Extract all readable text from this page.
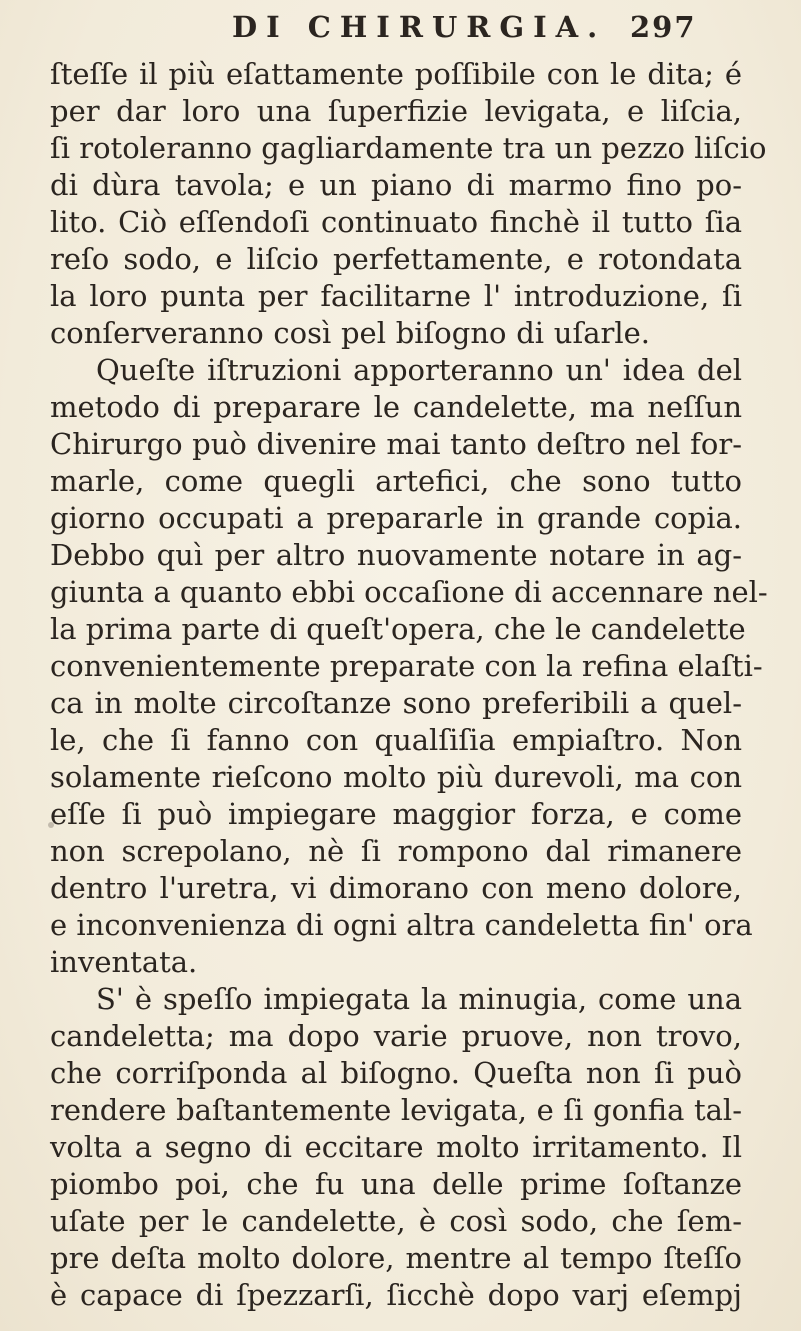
DI CHIRURGIA. 297
ſteſſe il più eſattamente poſſibile con le dita; é
per dar loro una ſuperfizie levigata, e liſcia,
ſi rotoleranno gagliardamente tra un pezzo liſcio
di dùra tavola; e un piano di marmo fino po-
lito. Ciò eſſendoſi continuato finchè il tutto ſia
reſo sodo, e liſcio perfettamente, e rotondata
la loro punta per facilitarne l' introduzione, ſi
conſerveranno così pel biſogno di uſarle.
Queſte iſtruzioni apporteranno un' idea del
metodo di preparare le candelette, ma neſſun
Chirurgo può divenire mai tanto deſtro nel for-
marle, come quegli artefici, che sono tutto
giorno occupati a prepararle in grande copia.
Debbo quì per altro nuovamente notare in ag-
giunta a quanto ebbi occaſione di accennare nel-
la prima parte di queſt'opera, che le candelette
convenientemente preparate con la refina elaſti-
ca in molte circoſtanze sono preferibili a quel-
le, che ſi fanno con qualſiſia empiaſtro. Non
solamente rieſcono molto più durevoli, ma con
eſſe ſi può impiegare maggior forza, e come
non screpolano, nè ſi rompono dal rimanere
dentro l'uretra, vi dimorano con meno dolore,
e inconvenienza di ogni altra candeletta fin' ora
inventata.
S' è speſſo impiegata la minugia, come una
candeletta; ma dopo varie pruove, non trovo,
che corriſponda al biſogno. Queſta non ſi può
rendere baſtantemente levigata, e ſi gonfia tal-
volta a segno di eccitare molto irritamento. Il
piombo poi, che fu una delle prime ſoſtanze
uſate per le candelette, è così sodo, che ſem-
pre deſta molto dolore, mentre al tempo ſteſſo
è capace di ſpezzarſi, ſicchè dopo varj eſempj
